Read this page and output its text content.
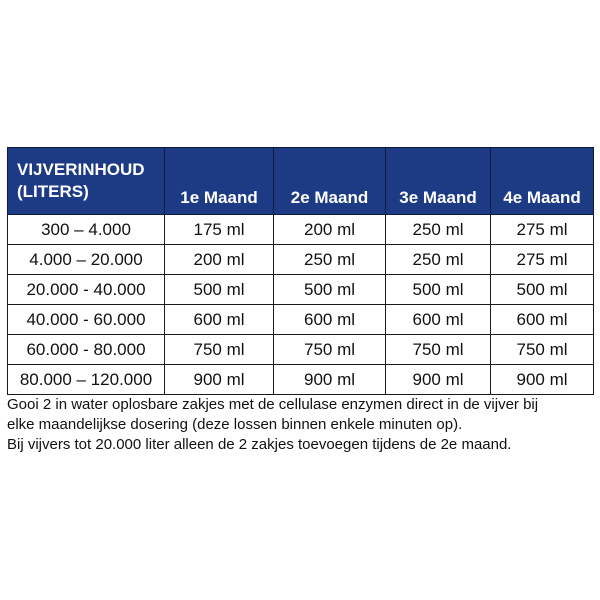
VIJVERINHOUD
(LITERS)	1e Maand	2e Maand	3e Maand	4e Maand
300 – 4.000	175 ml	200 ml	250 ml	275 ml
4.000 – 20.000	200 ml	250 ml	250 ml	275 ml
20.000 - 40.000	500 ml	500 ml	500 ml	500 ml
40.000 - 60.000	600 ml	600 ml	600 ml	600 ml
60.000 - 80.000	750 ml	750 ml	750 ml	750 ml
80.000 – 120.000	900 ml	900 ml	900 ml	900 ml

Gooi 2 in water oplosbare zakjes met de cellulase enzymen direct in de vijver bij

elke maandelijkse dosering (deze lossen binnen enkele minuten op).

Bij vijvers tot 20.000 liter alleen de 2 zakjes toevoegen tijdens de 2e maand.
